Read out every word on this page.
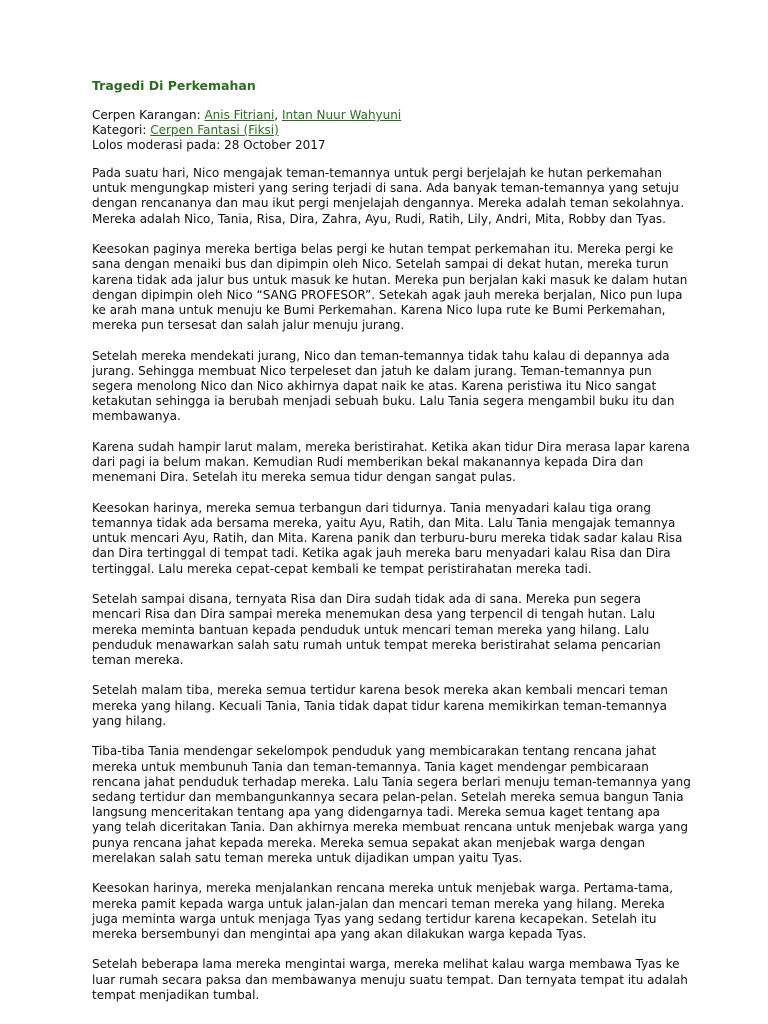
Tragedi Di Perkemahan
Cerpen Karangan: Anis Fitriani, Intan Nuur Wahyuni
Kategori: Cerpen Fantasi (Fiksi)
Lolos moderasi pada: 28 October 2017

Pada suatu hari, Nico mengajak teman-temannya untuk pergi berjelajah ke hutan perkemahan untuk mengungkap misteri yang sering terjadi di sana. Ada banyak teman-temannya yang setuju dengan rencananya dan mau ikut pergi menjelajah dengannya. Mereka adalah teman sekolahnya. Mereka adalah Nico, Tania, Risa, Dira, Zahra, Ayu, Rudi, Ratih, Lily, Andri, Mita, Robby dan Tyas.

Keesokan paginya mereka bertiga belas pergi ke hutan tempat perkemahan itu. Mereka pergi ke sana dengan menaiki bus dan dipimpin oleh Nico. Setelah sampai di dekat hutan, mereka turun karena tidak ada jalur bus untuk masuk ke hutan. Mereka pun berjalan kaki masuk ke dalam hutan dengan dipimpin oleh Nico “SANG PROFESOR”. Setekah agak jauh mereka berjalan, Nico pun lupa ke arah mana untuk menuju ke Bumi Perkemahan. Karena Nico lupa rute ke Bumi Perkemahan, mereka pun tersesat dan salah jalur menuju jurang.

Setelah mereka mendekati jurang, Nico dan teman-temannya tidak tahu kalau di depannya ada jurang. Sehingga membuat Nico terpeleset dan jatuh ke dalam jurang. Teman-temannya pun segera menolong Nico dan Nico akhirnya dapat naik ke atas. Karena peristiwa itu Nico sangat ketakutan sehingga ia berubah menjadi sebuah buku. Lalu Tania segera mengambil buku itu dan membawanya.

Karena sudah hampir larut malam, mereka beristirahat. Ketika akan tidur Dira merasa lapar karena dari pagi ia belum makan. Kemudian Rudi memberikan bekal makanannya kepada Dira dan menemani Dira. Setelah itu mereka semua tidur dengan sangat pulas.

Keesokan harinya, mereka semua terbangun dari tidurnya. Tania menyadari kalau tiga orang temannya tidak ada bersama mereka, yaitu Ayu, Ratih, dan Mita. Lalu Tania mengajak temannya untuk mencari Ayu, Ratih, dan Mita. Karena panik dan terburu-buru mereka tidak sadar kalau Risa dan Dira tertinggal di tempat tadi. Ketika agak jauh mereka baru menyadari kalau Risa dan Dira tertinggal. Lalu mereka cepat-cepat kembali ke tempat peristirahatan mereka tadi.

Setelah sampai disana, ternyata Risa dan Dira sudah tidak ada di sana. Mereka pun segera mencari Risa dan Dira sampai mereka menemukan desa yang terpencil di tengah hutan. Lalu mereka meminta bantuan kepada penduduk untuk mencari teman mereka yang hilang. Lalu penduduk menawarkan salah satu rumah untuk tempat mereka beristirahat selama pencarian teman mereka.

Setelah malam tiba, mereka semua tertidur karena besok mereka akan kembali mencari teman mereka yang hilang. Kecuali Tania, Tania tidak dapat tidur karena memikirkan teman-temannya yang hilang.

Tiba-tiba Tania mendengar sekelompok penduduk yang membicarakan tentang rencana jahat mereka untuk membunuh Tania dan teman-temannya. Tania kaget mendengar pembicaraan rencana jahat penduduk terhadap mereka. Lalu Tania segera berlari menuju teman-temannya yang sedang tertidur dan membangunkannya secara pelan-pelan. Setelah mereka semua bangun Tania langsung menceritakan tentang apa yang didengarnya tadi. Mereka semua kaget tentang apa yang telah diceritakan Tania. Dan akhirnya mereka membuat rencana untuk menjebak warga yang punya rencana jahat kepada mereka. Mereka semua sepakat akan menjebak warga dengan merelakan salah satu teman mereka untuk dijadikan umpan yaitu Tyas.

Keesokan harinya, mereka menjalankan rencana mereka untuk menjebak warga. Pertama-tama, mereka pamit kepada warga untuk jalan-jalan dan mencari teman mereka yang hilang. Mereka juga meminta warga untuk menjaga Tyas yang sedang tertidur karena kecapekan. Setelah itu mereka bersembunyi dan mengintai apa yang akan dilakukan warga kepada Tyas.

Setelah beberapa lama mereka mengintai warga, mereka melihat kalau warga membawa Tyas ke luar rumah secara paksa dan membawanya menuju suatu tempat. Dan ternyata tempat itu adalah tempat menjadikan tumbal.
